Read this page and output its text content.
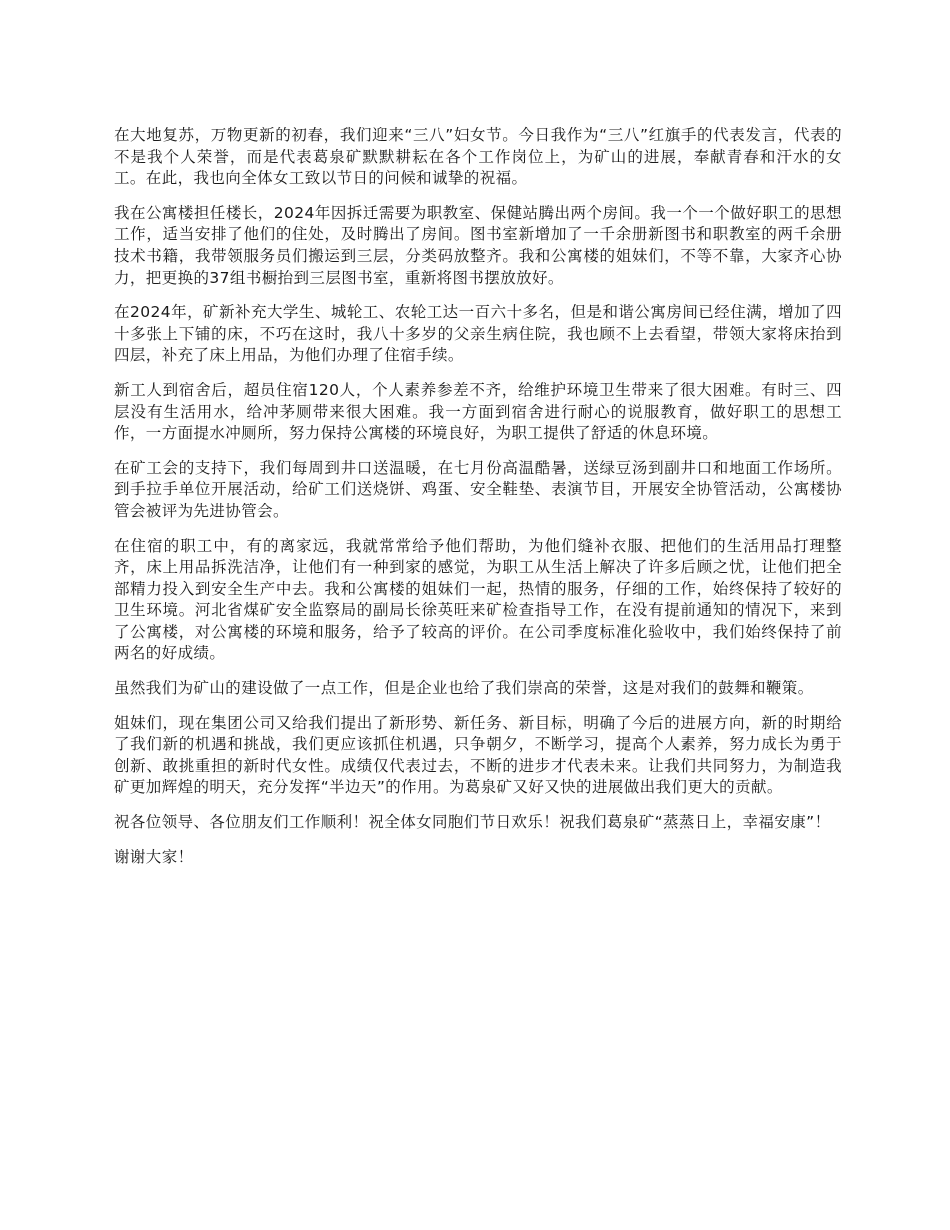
在大地复苏，万物更新的初春，我们迎来“三八”妇女节。今日我作为“三八”红旗手的代表发言，代表的不是我个人荣誉，而是代表葛泉矿默默耕耘在各个工作岗位上，为矿山的进展，奉献青春和汗水的女工。在此，我也向全体女工致以节日的问候和诚挚的祝福。

我在公寓楼担任楼长，2024年因拆迁需要为职教室、保健站腾出两个房间。我一个一个做好职工的思想工作，适当安排了他们的住处，及时腾出了房间。图书室新增加了一千余册新图书和职教室的两千余册技术书籍，我带领服务员们搬运到三层，分类码放整齐。我和公寓楼的姐妹们，不等不靠，大家齐心协力，把更换的37组书橱抬到三层图书室，重新将图书摆放放好。

在2024年，矿新补充大学生、城轮工、农轮工达一百六十多名，但是和谐公寓房间已经住满，增加了四十多张上下铺的床，不巧在这时，我八十多岁的父亲生病住院，我也顾不上去看望，带领大家将床抬到四层，补充了床上用品，为他们办理了住宿手续。

新工人到宿舍后，超员住宿120人，个人素养参差不齐，给维护环境卫生带来了很大困难。有时三、四层没有生活用水，给冲茅厕带来很大困难。我一方面到宿舍进行耐心的说服教育，做好职工的思想工作，一方面提水冲厕所，努力保持公寓楼的环境良好，为职工提供了舒适的休息环境。

在矿工会的支持下，我们每周到井口送温暖，在七月份高温酷暑，送绿豆汤到副井口和地面工作场所。到手拉手单位开展活动，给矿工们送烧饼、鸡蛋、安全鞋垫、表演节目，开展安全协管活动，公寓楼协管会被评为先进协管会。

在住宿的职工中，有的离家远，我就常常给予他们帮助，为他们缝补衣服、把他们的生活用品打理整齐，床上用品拆洗洁净，让他们有一种到家的感觉，为职工从生活上解决了许多后顾之忧，让他们把全部精力投入到安全生产中去。我和公寓楼的姐妹们一起，热情的服务，仔细的工作，始终保持了较好的卫生环境。河北省煤矿安全监察局的副局长徐英旺来矿检查指导工作，在没有提前通知的情况下，来到了公寓楼，对公寓楼的环境和服务，给予了较高的评价。在公司季度标准化验收中，我们始终保持了前两名的好成绩。

虽然我们为矿山的建设做了一点工作，但是企业也给了我们崇高的荣誉，这是对我们的鼓舞和鞭策。

姐妹们，现在集团公司又给我们提出了新形势、新任务、新目标，明确了今后的进展方向，新的时期给了我们新的机遇和挑战，我们更应该抓住机遇，只争朝夕，不断学习，提高个人素养，努力成长为勇于创新、敢挑重担的新时代女性。成绩仅代表过去，不断的进步才代表未来。让我们共同努力，为制造我矿更加辉煌的明天，充分发挥“半边天”的作用。为葛泉矿又好又快的进展做出我们更大的贡献。

祝各位领导、各位朋友们工作顺利！祝全体女同胞们节日欢乐！祝我们葛泉矿“蒸蒸日上，幸福安康”！

谢谢大家！
